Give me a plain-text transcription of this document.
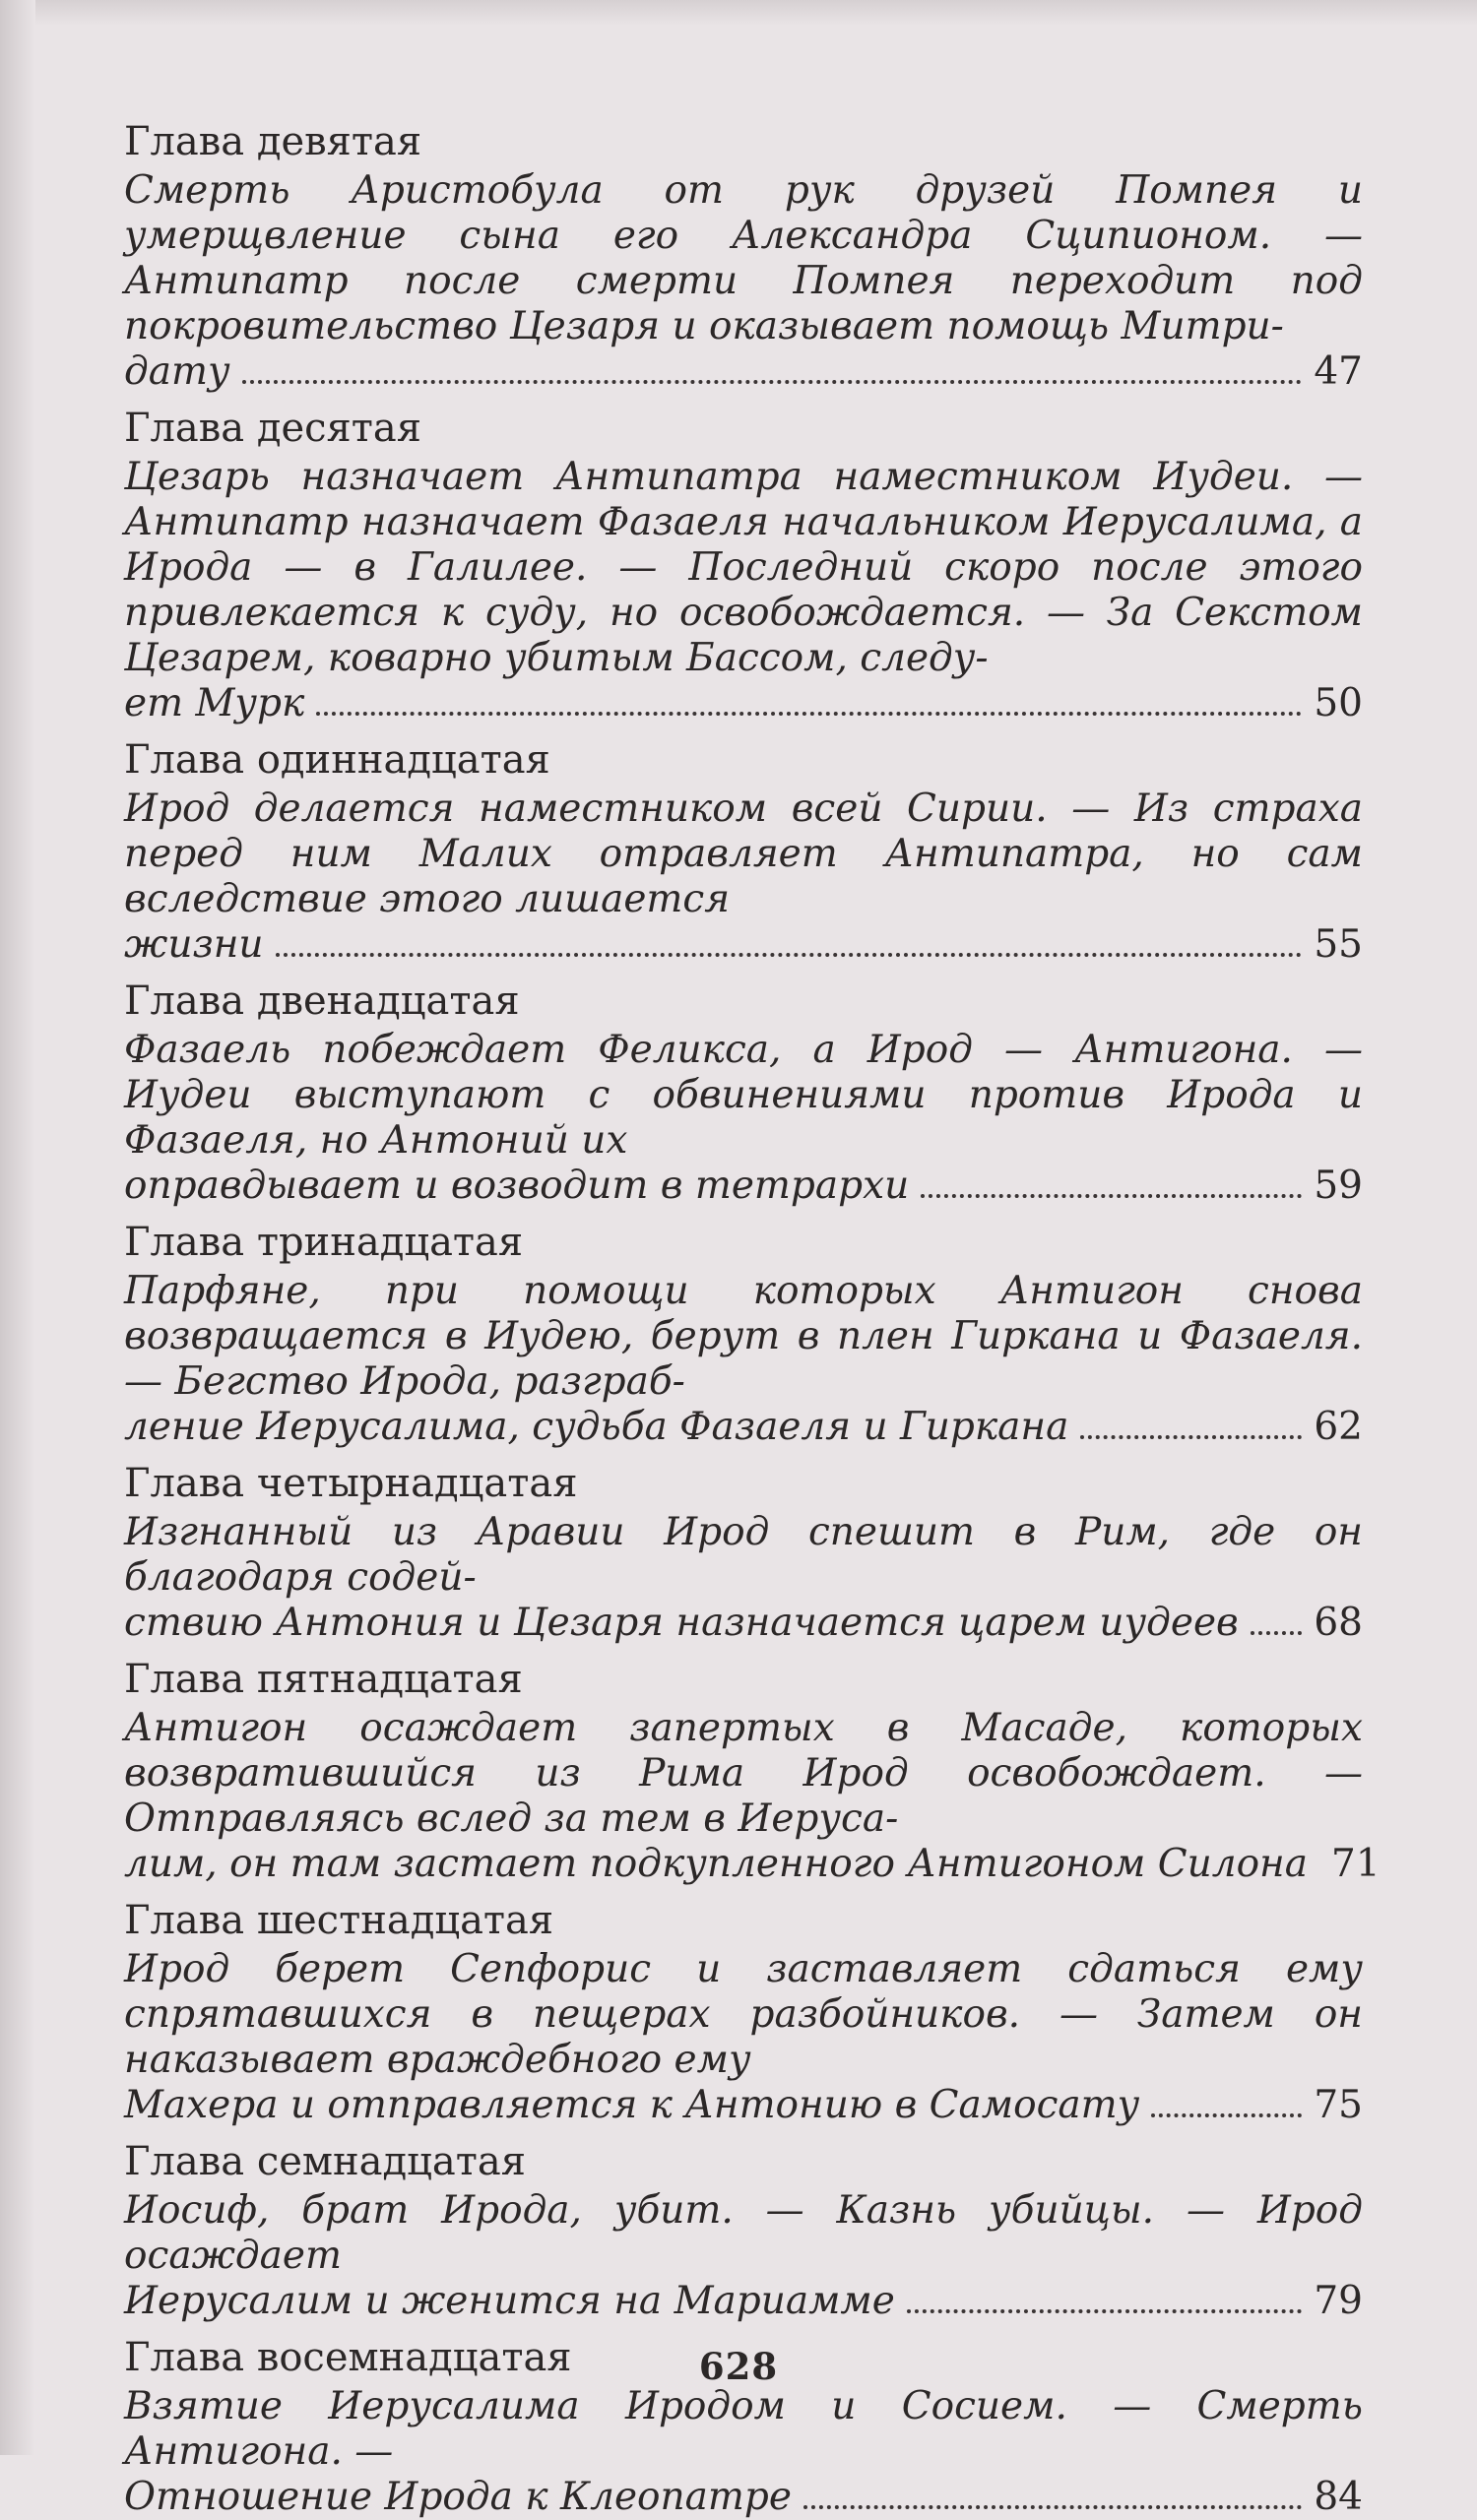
Глава девятая
Смерть Аристобула от рук друзей Помпея и умерщвление сына его Александра Сципионом. — Антипатр после смерти Помпея переходит под покровительство Цезаря и оказывает помощь Митри-
дату	47
Глава десятая
Цезарь назначает Антипатра наместником Иудеи. — Антипатр назначает Фазаеля начальником Иерусалима, а Ирода — в Галилее. — Последний скоро после этого привлекается к суду, но освобождается. — За Секстом Цезарем, коварно убитым Бассом, следу-
ет Мурк	50
Глава одиннадцатая
Ирод делается наместником всей Сирии. — Из страха перед ним Малих отравляет Антипатра, но сам вследствие этого лишается
жизни	55
Глава двенадцатая
Фазаель побеждает Феликса, а Ирод — Антигона. — Иудеи выступают с обвинениями против Ирода и Фазаеля, но Антоний их
оправдывает и возводит в тетрархи	59
Глава тринадцатая
Парфяне, при помощи которых Антигон снова возвращается в Иудею, берут в плен Гиркана и Фазаеля. — Бегство Ирода, разграб-
ление Иерусалима, судьба Фазаеля и Гиркана	62
Глава четырнадцатая
Изгнанный из Аравии Ирод спешит в Рим, где он благодаря содей-
ствию Антония и Цезаря назначается царем иудеев 68
Глава пятнадцатая
Антигон осаждает запертых в Масаде, которых возвратившийся из Рима Ирод освобождает. — Отправляясь вслед за тем в Иеруса-
лим, он там застает подкупленного Антигоном Силона 71
Глава шестнадцатая
Ирод берет Сепфорис и заставляет сдаться ему спрятавшихся в пещерах разбойников. — Затем он наказывает враждебного ему
Махера и отправляется к Антонию в Самосату	75
Глава семнадцатая
Иосиф, брат Ирода, убит. — Казнь убийцы. — Ирод осаждает
Иерусалим и женится на Мариамме	79
Глава восемнадцатая
Взятие Иерусалима Иродом и Сосием. — Смерть Антигона. —
Отношение Ирода к Клеопатре	84
628
